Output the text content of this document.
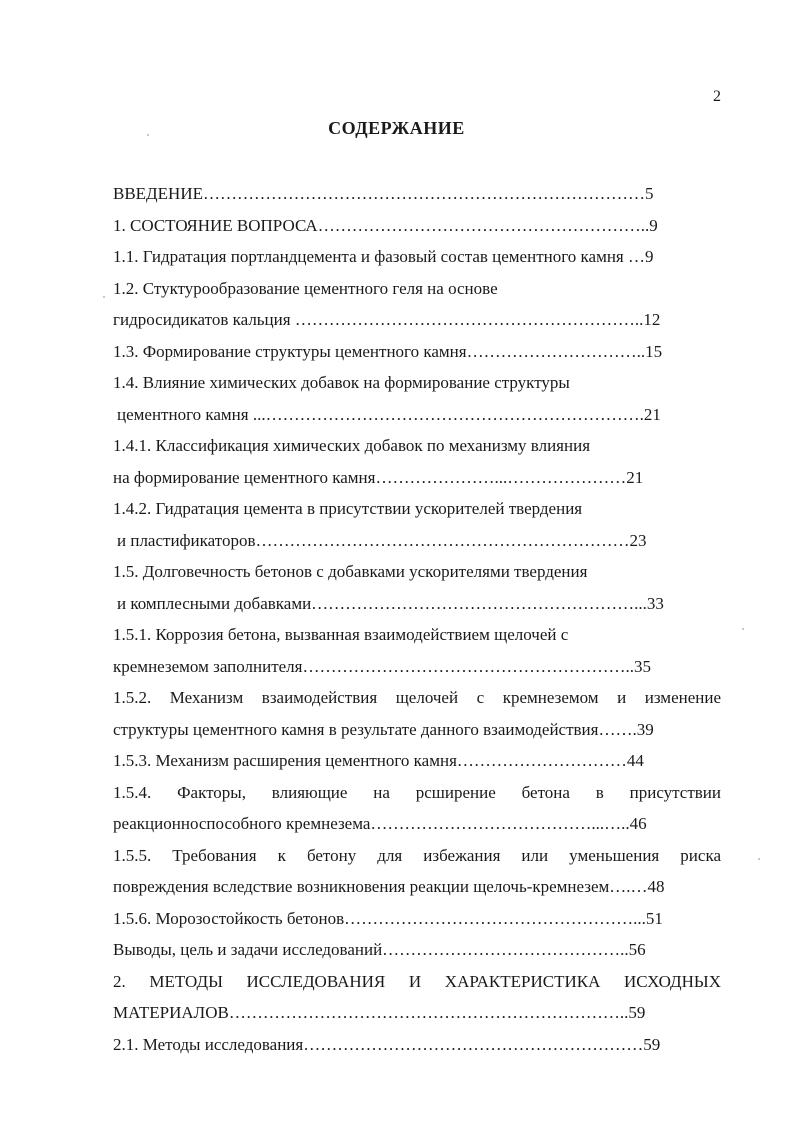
2
СОДЕРЖАНИЕ
ВВЕДЕНИЕ……………………………………………………………………5
1. СОСТОЯНИЕ ВОПРОСА…………………………………………………..9
1.1. Гидратация портландцемента и фазовый состав цементного камня …9
1.2. Стуктурообразование цементного геля на основе
гидросидикатов кальция ……………………………………………………..12
1.3. Формирование структуры цементного камня…………………………..15
1.4. Влияние химических добавок на формирование структуры
цементного камня ...………………………………………………………….21
1.4.1. Классификация химических добавок по механизму влияния
на формирование цементного камня…………………...…………………21
1.4.2. Гидратация цемента в присутствии ускорителей твердения
и пластификаторов…………………………………………………………23
1.5. Долговечность бетонов с добавками ускорителями твердения
и комплесными добавками…………………………………………………...33
1.5.1. Коррозия бетона, вызванная взаимодействием щелочей с
кремнеземом заполнителя…………………………………………………..35
1.5.2. Механизм взаимодействия щелочей с кремнеземом и изменение
структуры цементного камня в результате данного взаимодействия…….39
1.5.3. Механизм расширения цементного камня…………………………44
1.5.4. Факторы, влияющие на рсширение бетона в присутствии
реакционноспособного кремнезема…………………………………...…..46
1.5.5. Требования к бетону для избежания или уменьшения риска
повреждения вследствие возникновения реакции щелочь-кремнезем….…48
1.5.6. Морозостойкость бетонов……………………………………………...51
Выводы, цель и задачи исследований……………………………………..56
2. МЕТОДЫ ИССЛЕДОВАНИЯ И ХАРАКТЕРИСТИКА ИСХОДНЫХ
МАТЕРИАЛОВ……………………………………………………………..59
2.1. Методы исследования……………………………………………………59
